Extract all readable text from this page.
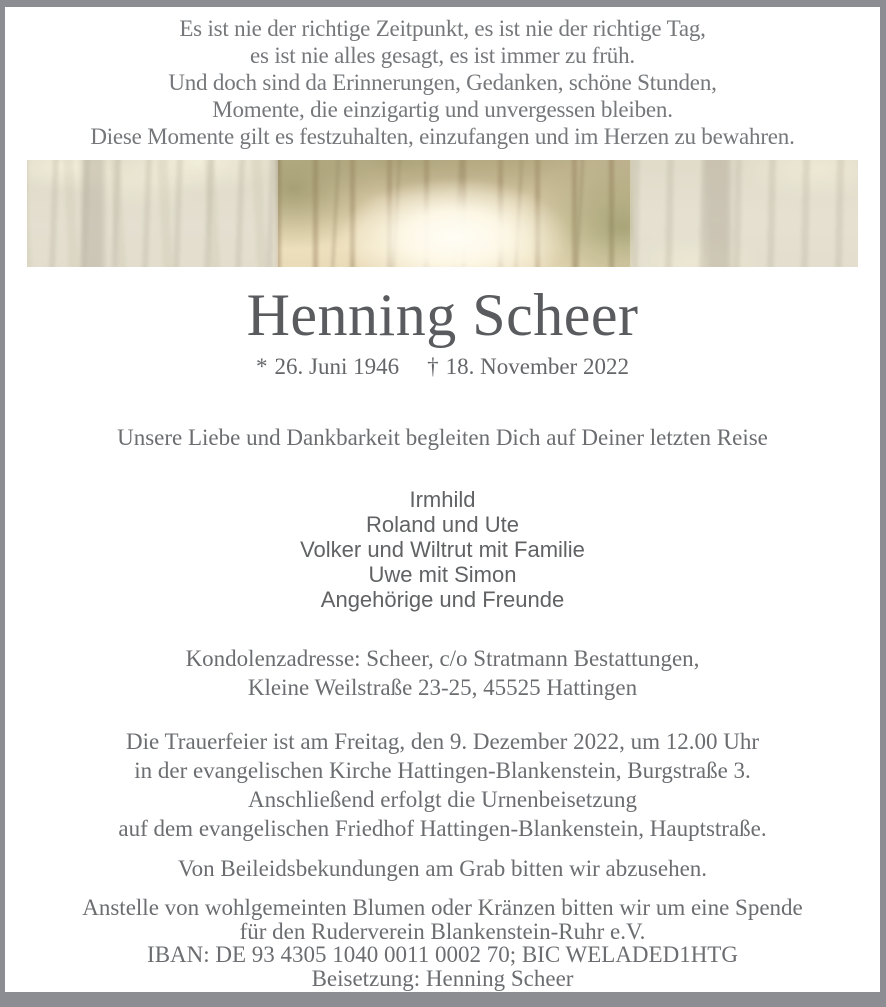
Es ist nie der richtige Zeitpunkt, es ist nie der richtige Tag,
es ist nie alles gesagt, es ist immer zu früh.
Und doch sind da Erinnerungen, Gedanken, schöne Stunden,
Momente, die einzigartig und unvergessen bleiben.
Diese Momente gilt es festzuhalten, einzufangen und im Herzen zu bewahren.
Henning Scheer
* 26. Juni 1946 † 18. November 2022
Unsere Liebe und Dankbarkeit begleiten Dich auf Deiner letzten Reise
Irmhild
Roland und Ute
Volker und Wiltrut mit Familie
Uwe mit Simon
Angehörige und Freunde
Kondolenzadresse: Scheer, c/o Stratmann Bestattungen,
Kleine Weilstraße 23-25, 45525 Hattingen
Die Trauerfeier ist am Freitag, den 9. Dezember 2022, um 12.00 Uhr
in der evangelischen Kirche Hattingen-Blankenstein, Burgstraße 3.
Anschließend erfolgt die Urnenbeisetzung
auf dem evangelischen Friedhof Hattingen-Blankenstein, Hauptstraße.
Von Beileidsbekundungen am Grab bitten wir abzusehen.
Anstelle von wohlgemeinten Blumen oder Kränzen bitten wir um eine Spende
für den Ruderverein Blankenstein-Ruhr e.V.
IBAN: DE 93 4305 1040 0011 0002 70; BIC WELADED1HTG
Beisetzung: Henning Scheer
